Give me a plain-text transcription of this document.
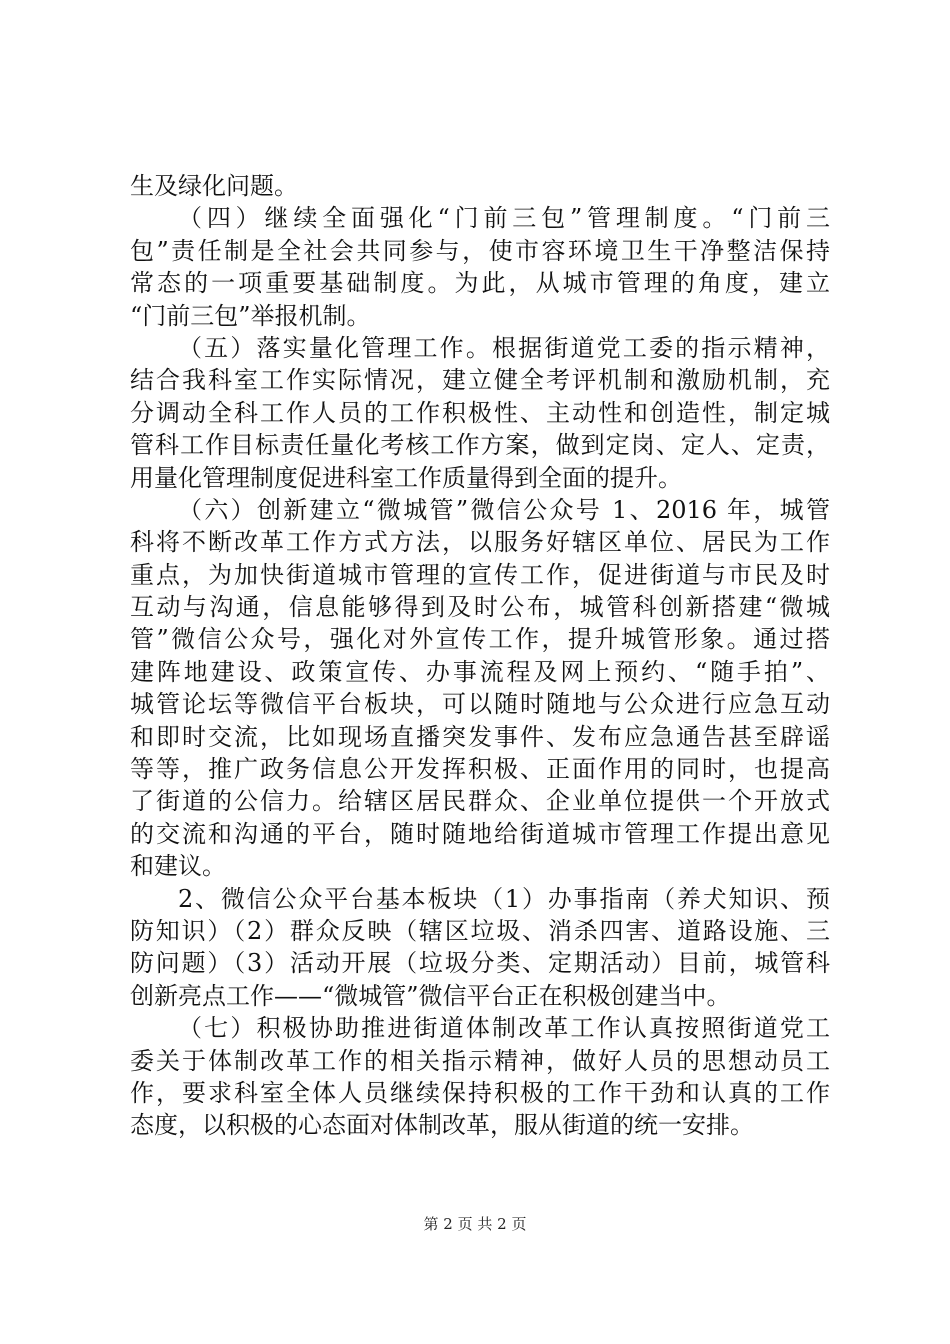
生及绿化问题。
（四）继续全面强化“门前三包”管理制度。“门前三
包”责任制是全社会共同参与，使市容环境卫生干净整洁保持
常态的一项重要基础制度。为此，从城市管理的角度，建立
“门前三包”举报机制。
（五）落实量化管理工作。根据街道党工委的指示精神，
结合我科室工作实际情况，建立健全考评机制和激励机制，充
分调动全科工作人员的工作积极性、主动性和创造性，制定城
管科工作目标责任量化考核工作方案，做到定岗、定人、定责，
用量化管理制度促进科室工作质量得到全面的提升。
（六）创新建立“微城管”微信公众号 1、2016 年，城管
科将不断改革工作方式方法，以服务好辖区单位、居民为工作
重点，为加快街道城市管理的宣传工作，促进街道与市民及时
互动与沟通，信息能够得到及时公布，城管科创新搭建“微城
管”微信公众号，强化对外宣传工作，提升城管形象。通过搭
建阵地建设、政策宣传、办事流程及网上预约、“随手拍”、
城管论坛等微信平台板块，可以随时随地与公众进行应急互动
和即时交流，比如现场直播突发事件、发布应急通告甚至辟谣
等等，推广政务信息公开发挥积极、正面作用的同时，也提高
了街道的公信力。给辖区居民群众、企业单位提供一个开放式
的交流和沟通的平台，随时随地给街道城市管理工作提出意见
和建议。
2、微信公众平台基本板块（1）办事指南（养犬知识、预
防知识）（2）群众反映（辖区垃圾、消杀四害、道路设施、三
防问题）（3）活动开展（垃圾分类、定期活动）目前，城管科
创新亮点工作——“微城管”微信平台正在积极创建当中。
（七）积极协助推进街道体制改革工作认真按照街道党工
委关于体制改革工作的相关指示精神，做好人员的思想动员工
作，要求科室全体人员继续保持积极的工作干劲和认真的工作
态度，以积极的心态面对体制改革，服从街道的统一安排。
第 2 页 共 2 页
